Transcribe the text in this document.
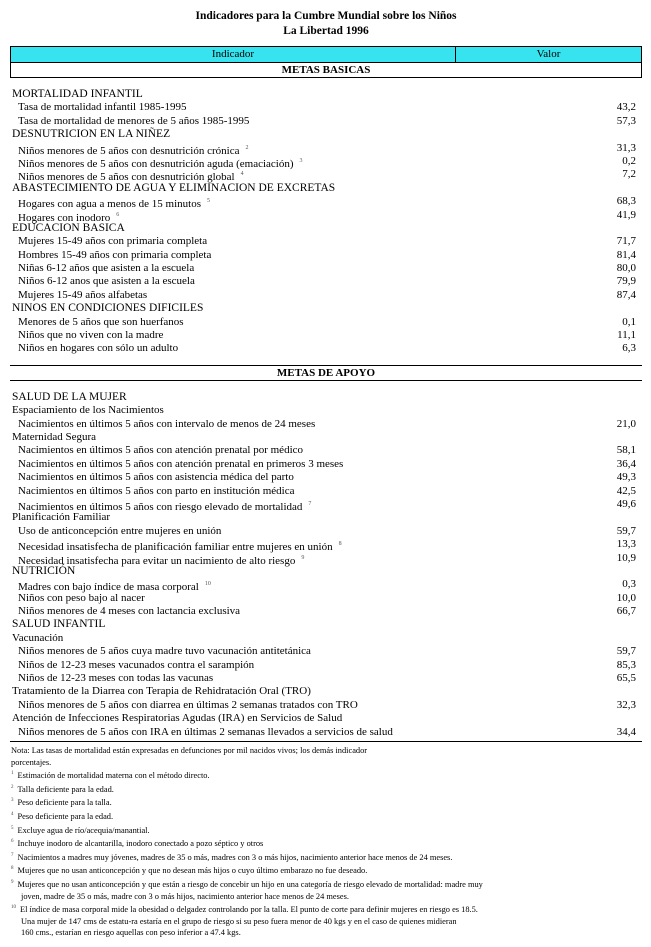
Indicadores para la Cumbre Mundial sobre los Niños
La Libertad 1996
Indicador	Valor
METAS BASICAS
MORTALIDAD INFANTIL
Tasa de mortalidad infantil 1985-1995	43,2
Tasa de mortalidad de menores de 5 años 1985-1995	57,3
DESNUTRICION EN LA NIÑEZ
Niños menores de 5 años con desnutrición crónica $^2$	31,3
Niños menores de 5 años con desnutrición aguda (emaciación) $^3$	0,2
Niños menores de 5 años con desnutrición global $^4$	7,2
ABASTECIMIENTO DE AGUA Y ELIMINACION DE EXCRETAS
Hogares con agua a menos de 15 minutos $^5$	68,3
Hogares con inodoro $^6$	41,9
EDUCACION BASICA
Mujeres 15-49 años con primaria completa	71,7
Hombres 15-49 años con primaria completa	81,4
Niñas 6-12 años que asisten a la escuela	80,0
Niños 6-12 anos que asisten a la escuela	79,9
Mujeres 15-49 años alfabetas	87,4
NINOS EN CONDICIONES DIFICILES
Menores de 5 años que son huerfanos	0,1
Niños que no viven con la madre	11,1
Niños en hogares con sólo un adulto	6,3
METAS DE APOYO
SALUD DE LA MUJER
Espaciamiento de los Nacimientos
Nacimientos en últimos 5 años con intervalo de menos de 24 meses	21,0
Maternidad Segura
Nacimientos en últimos 5 años con atención prenatal por médico	58,1
Nacimientos en últimos 5 años con atención prenatal en primeros 3 meses	36,4
Nacimientos en últimos 5 años con asistencia médica del parto	49,3
Nacimientos en últimos 5 años con parto en institución médica	42,5
Nacimientos en últimos 5 años con riesgo elevado de mortalidad $^7$	49,6
Planificación Familiar
Uso de anticoncepción entre mujeres en unión	59,7
Necesidad insatisfecha de planificación familiar entre mujeres en unión $^8$	13,3
Necesidad insatisfecha para evitar un nacimiento de alto riesgo $^9$	10,9
NUTRICIÓN
Madres con bajo índice de masa corporal $^{10}$	0,3
Niños con peso bajo al nacer	10,0
Niños menores de 4 meses con lactancia exclusiva	66,7
SALUD INFANTIL
Vacunación
Niños menores de 5 años cuya madre tuvo vacunación antitetánica	59,7
Niños de 12-23 meses vacunados contra el sarampión	85,3
Niños de 12-23 meses con todas las vacunas	65,5
Tratamiento de la Diarrea con Terapia de Rehidratación Oral (TRO)
Niños menores de 5 años con diarrea en últimas 2 semanas tratados con TRO	32,3
Atención de Infecciones Respiratorias Agudas (IRA) en Servicios de Salud
Niños menores de 5 años con IRA en últimas 2 semanas llevados a servicios de salud	34,4
Nota: Las tasas de mortalidad están expresadas en defunciones por mil nacidos vivos; los demás indicador
porcentajes.
$^1$ Estimación de mortalidad materna con el método directo.
$^2$ Talla deficiente para la edad.
$^3$ Peso deficiente para la talla.
$^4$ Peso deficiente para la edad.
$^5$ Excluye agua de río/acequia/manantial.
$^6$ Inchuye inodoro de alcantarilla, inodoro conectado a pozo séptico y otros
$^7$ Nacimientos a madres muy jóvenes, madres de 35 o más, madres con 3 o más hijos, nacimiento anterior hace menos de 24 meses.
$^8$ Mujeres que no usan anticoncepción y que no desean más hijos o cuyo último embarazo no fue deseado.
$^9$ Mujeres que no usan anticoncepción y que están a riesgo de concebir un hijo en una categoría de riesgo elevado de mortalidad: madre muy
joven, madre de 35 o más, madre con 3 o más hijos, nacimiento anterior hace menos de 24 meses.
$^{10}$ El índice de masa corporal mide la obesidad o delgadez controlando por la talla. El punto de corte para definir mujeres en riesgo es 18.5.
Una mujer de 147 cms de estatu-ra estaría en el grupo de riesgo si su peso fuera menor de 40 kgs y en el caso de quienes midieran
160 cms., estarían en riesgo aquellas con peso inferior a 47.4 kgs.
